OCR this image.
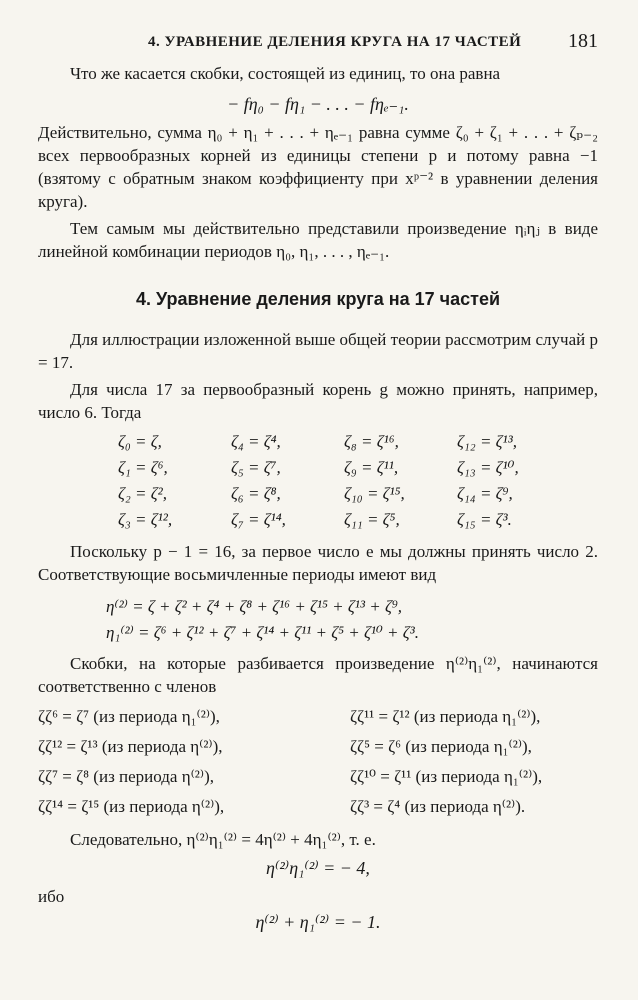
4. УРАВНЕНИЕ ДЕЛЕНИЯ КРУГА НА 17 ЧАСТЕЙ 181

Что же касается скобки, состоящей из единиц, то она равна

− fη₀ − fη₁ − . . . − fηₑ₋₁.

Действительно, сумма η₀ + η₁ + . . . + ηₑ₋₁ равна сумме ζ₀ + ζ₁ + . . . + ζₚ₋₂ всех первообразных корней из единицы степени p и потому равна −1 (взятому с обратным знаком коэффициенту при xᵖ⁻² в уравнении деления круга).

Тем самым мы действительно представили произведение ηᵢηⱼ в виде линейной комбинации периодов η₀, η₁, . . . , ηₑ₋₁.

4. Уравнение деления круга на 17 частей

Для иллюстрации изложенной выше общей теории рассмотрим случай p = 17.

Для числа 17 за первообразный корень g можно принять, например, число 6. Тогда

ζ₀ = ζ,	ζ₄ = ζ⁴,	ζ₈ = ζ¹⁶,	ζ₁₂ = ζ¹³,
ζ₁ = ζ⁶,	ζ₅ = ζ⁷,	ζ₉ = ζ¹¹,	ζ₁₃ = ζ¹⁰,
ζ₂ = ζ²,	ζ₆ = ζ⁸,	ζ₁₀ = ζ¹⁵,	ζ₁₄ = ζ⁹,
ζ₃ = ζ¹²,	ζ₇ = ζ¹⁴,	ζ₁₁ = ζ⁵,	ζ₁₅ = ζ³.

Поскольку p − 1 = 16, за первое число e мы должны принять число 2. Соответствующие восьмичленные периоды имеют вид

η⁽²⁾ = ζ + ζ² + ζ⁴ + ζ⁸ + ζ¹⁶ + ζ¹⁵ + ζ¹³ + ζ⁹,
η₁⁽²⁾ = ζ⁶ + ζ¹² + ζ⁷ + ζ¹⁴ + ζ¹¹ + ζ⁵ + ζ¹⁰ + ζ³.

Скобки, на которые разбивается произведение η⁽²⁾η₁⁽²⁾, начинаются соответственно с членов

ζζ⁶ = ζ⁷ (из периода η₁⁽²⁾),	ζζ¹¹ = ζ¹² (из периода η₁⁽²⁾),
ζζ¹² = ζ¹³ (из периода η⁽²⁾),	ζζ⁵ = ζ⁶ (из периода η₁⁽²⁾),
ζζ⁷ = ζ⁸ (из периода η⁽²⁾),	ζζ¹⁰ = ζ¹¹ (из периода η₁⁽²⁾),
ζζ¹⁴ = ζ¹⁵ (из периода η⁽²⁾),	ζζ³ = ζ⁴ (из периода η⁽²⁾).

Следовательно, η⁽²⁾η₁⁽²⁾ = 4η⁽²⁾ + 4η₁⁽²⁾, т. е.

η⁽²⁾η₁⁽²⁾ = − 4,
ибо
η⁽²⁾ + η₁⁽²⁾ = − 1.
